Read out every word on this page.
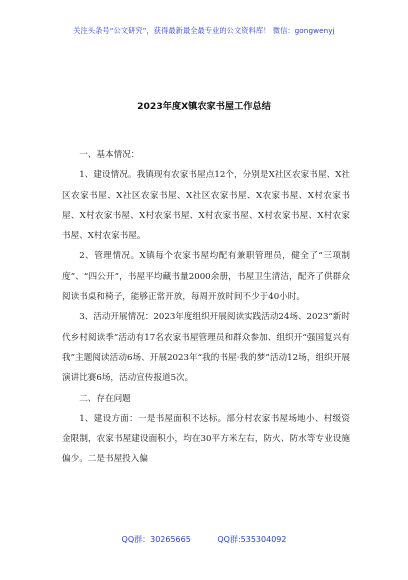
关注头条号“公文研究”，获得最新最全最专业的公文资料库！ 微信：gongwenyj
2023年度X镇农家书屋工作总结

一、基本情况：

1、建设情况。我镇现有农家书屋点12个，分别是X社区农家书屋、X社区农家书屋、X社区农家书屋、X社区农家书屋、X农家书屋、X村农家书屋、X村农家书屋、X村农家书屋、X村农家书屋、X村农家书屋、X村农家书屋、X村农家书屋。

2、管理情况。X镇每个农家书屋均配有兼职管理员，健全了“三项制度”、“四公开”，书屋平均藏书量2000余册，书屋卫生清洁，配齐了供群众阅读书桌和椅子，能够正常开放，每周开放时间不少于40小时。

3、活动开展情况：2023年度组织开展阅读实践活动24场、2023“新时代乡村阅读季”活动有17名农家书屋管理员和群众参加、组织开“强国复兴有我”主题阅读活动6场、开展2023年“我的书屋·我的梦”活动12场，组织开展演讲比赛6场，活动宣传报道5次。

二、存在问题

1、建设方面：一是书屋面积不达标。部分村农家书屋场地小、村级资金限制，农家书屋建设面积小，均在30平方米左右，防火、防水等专业设施偏少。二是书屋投入偏

QQ群：30265665	QQ群:535304092
